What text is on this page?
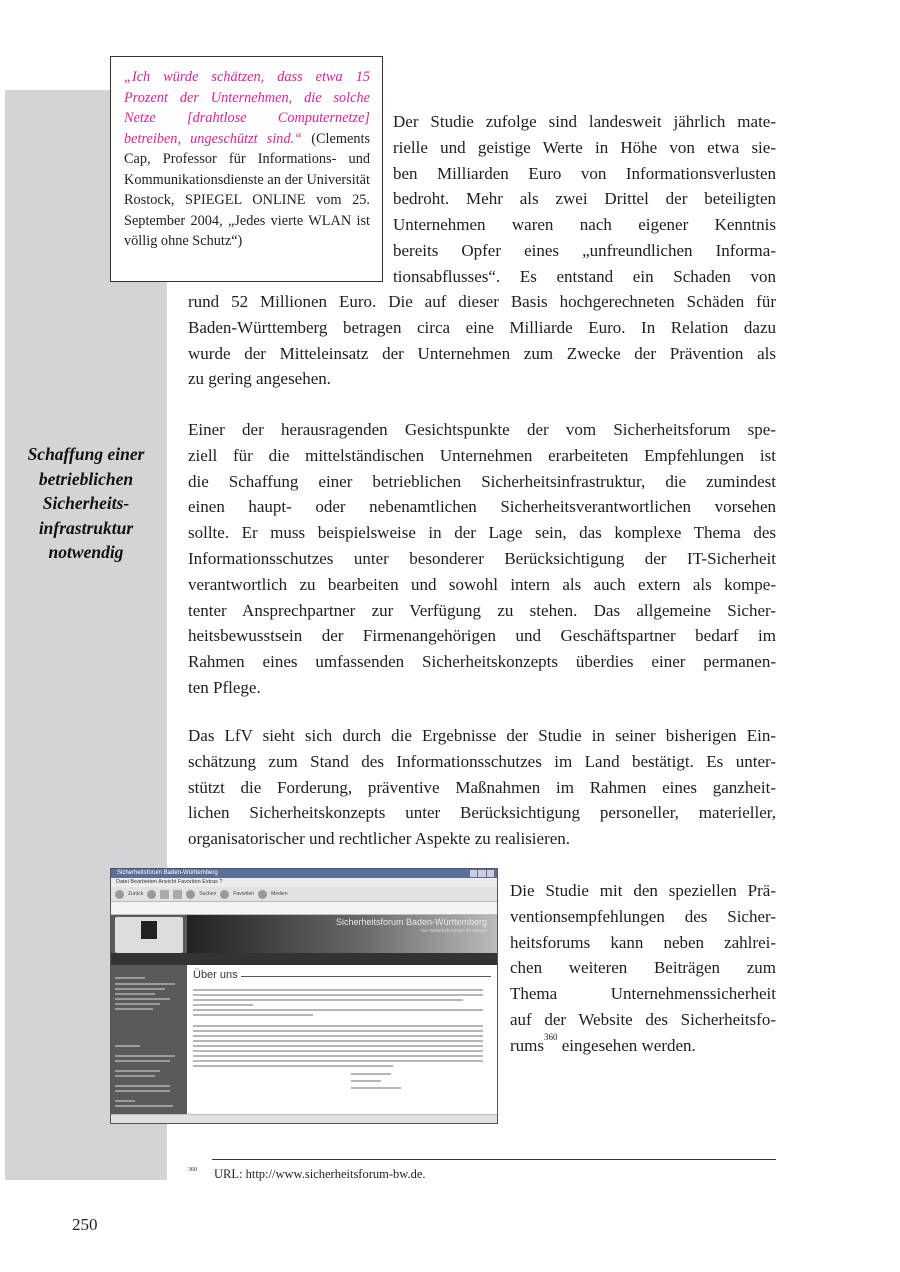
Schaffung einer
betrieblichen
Sicherheits-
infrastruktur
notwendig
„Ich würde schätzen, dass etwa 15 Prozent der Unternehmen, die solche Netze [drahtlose Computernetze] betreiben, ungeschützt sind.“ (Clements Cap, Professor für Informations- und Kommunikationsdienste an der Universität Rostock, SPIEGEL ONLINE vom 25. September 2004, „Jedes vierte WLAN ist völlig ohne Schutz“)
Der Studie zufolge sind landesweit jährlich mate-
rielle und geistige Werte in Höhe von etwa sie-
ben Milliarden Euro von Informationsverlusten
bedroht. Mehr als zwei Drittel der beteiligten
Unternehmen waren nach eigener Kenntnis
bereits Opfer eines „unfreundlichen Informa-
tionsabflusses“. Es entstand ein Schaden von
rund 52 Millionen Euro. Die auf dieser Basis hochgerechneten Schäden für
Baden-Württemberg betragen circa eine Milliarde Euro. In Relation dazu
wurde der Mitteleinsatz der Unternehmen zum Zwecke der Prävention als
zu gering angesehen.
Einer der herausragenden Gesichtspunkte der vom Sicherheitsforum spe-
ziell für die mittelständischen Unternehmen erarbeiteten Empfehlungen ist
die Schaffung einer betrieblichen Sicherheitsinfrastruktur, die zumindest
einen haupt- oder nebenamtlichen Sicherheitsverantwortlichen vorsehen
sollte. Er muss beispielsweise in der Lage sein, das komplexe Thema des
Informationsschutzes unter besonderer Berücksichtigung der IT-Sicherheit
verantwortlich zu bearbeiten und sowohl intern als auch extern als kompe-
tenter Ansprechpartner zur Verfügung zu stehen. Das allgemeine Sicher-
heitsbewusstsein der Firmenangehörigen und Geschäftspartner bedarf im
Rahmen eines umfassenden Sicherheitskonzepts überdies einer permanen-
ten Pflege.
Das LfV sieht sich durch die Ergebnisse der Studie in seiner bisherigen Ein-
schätzung zum Stand des Informationsschutzes im Land bestätigt. Es unter-
stützt die Forderung, präventive Maßnahmen im Rahmen eines ganzheit-
lichen Sicherheitskonzepts unter Berücksichtigung personeller, materieller,
organisatorischer und rechtlicher Aspekte zu realisieren.
Sicherheitsforum Baden-Württemberg
Datei Bearbeiten Ansicht Favoriten Extras ?
Zurück	Suchen	Favoriten	Medien
Sicherheitsforum Baden-Württemberg
Die Wirtschaft schützt ihr Wissen
Über uns
Die Studie mit den speziellen Prä-
ventionsempfehlungen des Sicher-
heitsforums kann neben zahlrei-
chen weiteren Beiträgen zum
Thema Unternehmenssicherheit
auf der Website des Sicherheitsfo-
rums$^{360}$ eingesehen werden.
$^{360}$ URL: http://www.sicherheitsforum-bw.de.
250
